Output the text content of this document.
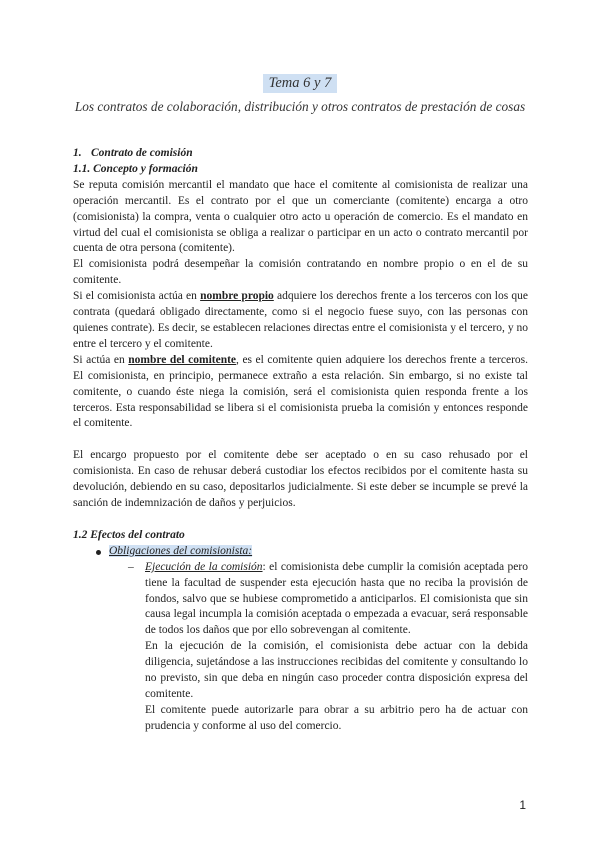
Tema 6 y 7
Los contratos de colaboración, distribución y otros contratos de prestación de cosas

1. Contrato de comisión

1.1. Concepto y formación

Se reputa comisión mercantil el mandato que hace el comitente al comisionista de realizar una operación mercantil. Es el contrato por el que un comerciante (comitente) encarga a otro (comisionista) la compra, venta o cualquier otro acto u operación de comercio. Es el mandato en virtud del cual el comisionista se obliga a realizar o participar en un acto o contrato mercantil por cuenta de otra persona (comitente).

El comisionista podrá desempeñar la comisión contratando en nombre propio o en el de su comitente.

Si el comisionista actúa en nombre propio adquiere los derechos frente a los terceros con los que contrata (quedará obligado directamente, como si el negocio fuese suyo, con las personas con quienes contrate). Es decir, se establecen relaciones directas entre el comisionista y el tercero, y no entre el tercero y el comitente.

Si actúa en nombre del comitente, es el comitente quien adquiere los derechos frente a terceros. El comisionista, en principio, permanece extraño a esta relación. Sin embargo, si no existe tal comitente, o cuando éste niega la comisión, será el comisionista quien responda frente a los terceros. Esta responsabilidad se libera si el comisionista prueba la comisión y entonces responde el comitente.

El encargo propuesto por el comitente debe ser aceptado o en su caso rehusado por el comisionista. En caso de rehusar deberá custodiar los efectos recibidos por el comitente hasta su devolución, debiendo en su caso, depositarlos judicialmente. Si este deber se incumple se prevé la sanción de indemnización de daños y perjuicios.

1.2 Efectos del contrato

Obligaciones del comisionista:
– Ejecución de la comisión: el comisionista debe cumplir la comisión aceptada pero tiene la facultad de suspender esta ejecución hasta que no reciba la provisión de fondos, salvo que se hubiese comprometido a anticiparlos. El comisionista que sin causa legal incumpla la comisión aceptada o empezada a evacuar, será responsable de todos los daños que por ello sobrevengan al comitente.

En la ejecución de la comisión, el comisionista debe actuar con la debida diligencia, sujetándose a las instrucciones recibidas del comitente y consultando lo no previsto, sin que deba en ningún caso proceder contra disposición expresa del comitente.

El comitente puede autorizarle para obrar a su arbitrio pero ha de actuar con prudencia y conforme al uso del comercio.

1
